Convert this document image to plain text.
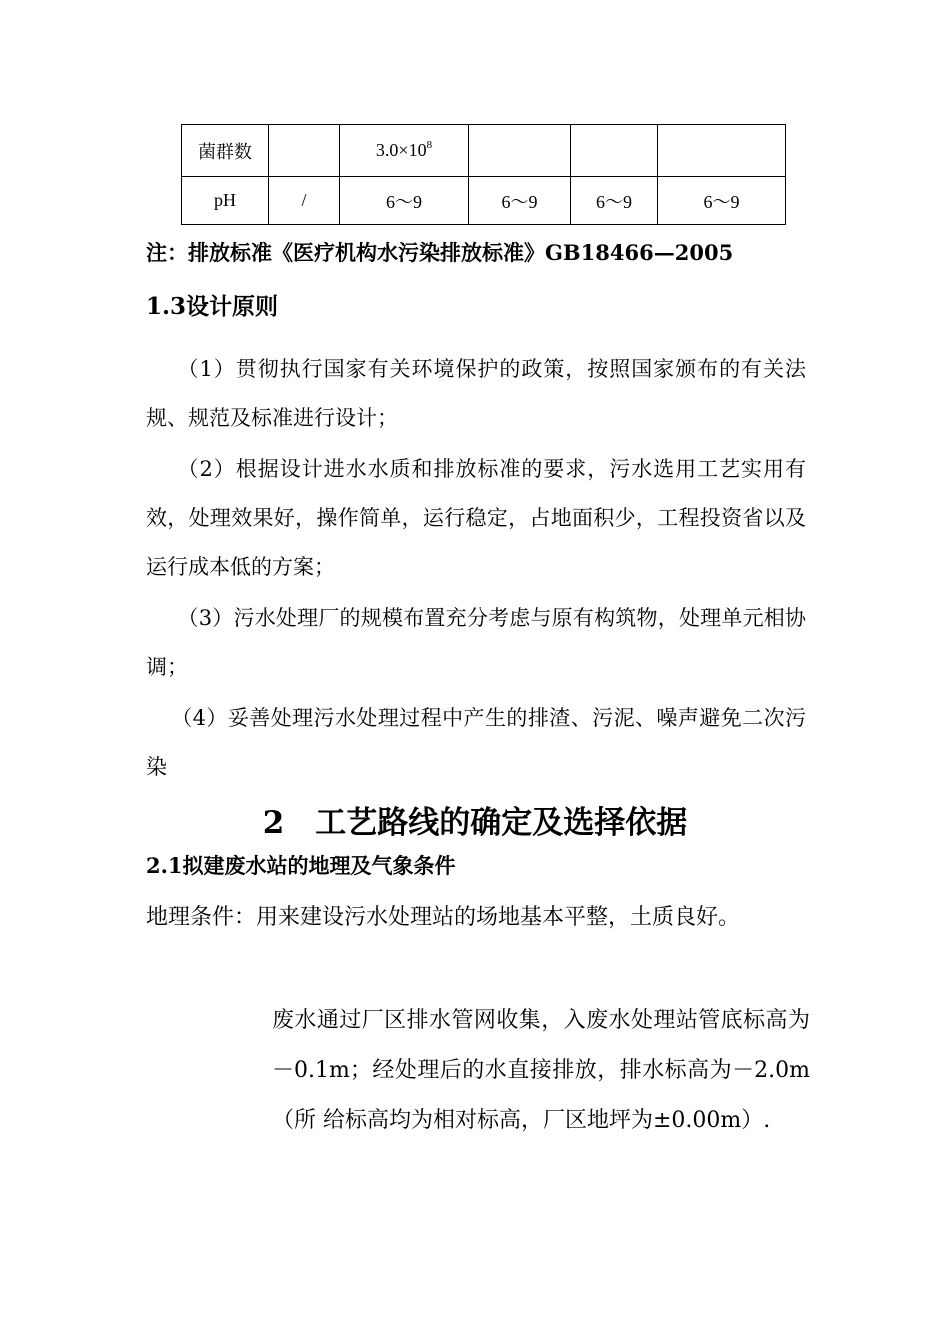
菌群数		$3.0\times 10^8$			
pH	/	6～9	6～9	6～9	6～9
注：排放标准《医疗机构水污染排放标准》GB18466—2005
1.3设计原则

（1）贯彻执行国家有关环境保护的政策，按照国家颁布的有关法规、规范及标准进行设计；

（2）根据设计进水水质和排放标准的要求，污水选用工艺实用有效，处理效果好，操作简单，运行稳定，占地面积少，工程投资省以及运行成本低的方案；

（3）污水处理厂的规模布置充分考虑与原有构筑物，处理单元相协调；

（4）妥善处理污水处理过程中产生的排渣、污泥、噪声避免二次污染

2　工艺路线的确定及选择依据
2.1拟建废水站的地理及气象条件

地理条件：用来建设污水处理站的场地基本平整，土质良好。

废水通过厂区排水管网收集，入废水处理站管底标高为－0.1m；经处理后的水直接排放，排水标高为－2.0m（所 给标高均为相对标高，厂区地坪为±0.00m）.
